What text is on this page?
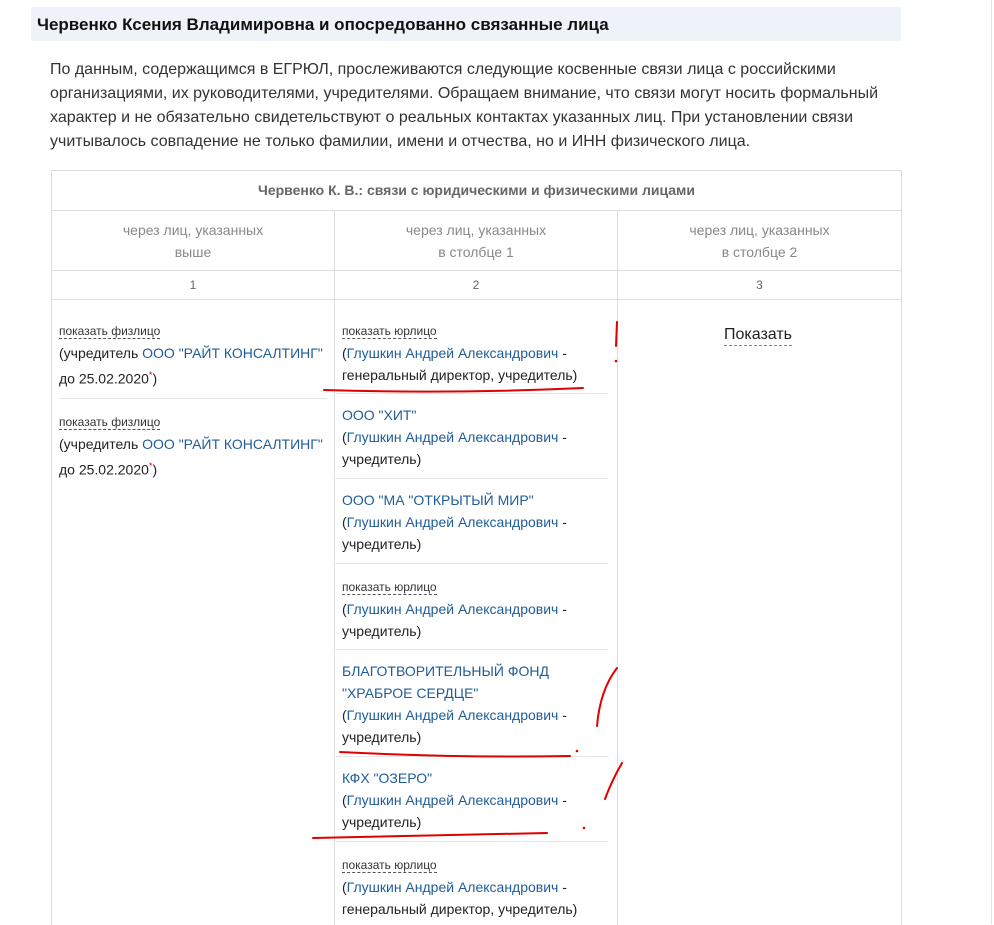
Червенко Ксения Владимировна и опосредованно связанные лица
По данным, содержащимся в ЕГРЮЛ, прослеживаются следующие косвенные связи лица с российскими организациями, их руководителями, учредителями. Обращаем внимание, что связи могут носить формальный характер и не обязательно свидетельствуют о реальных контактах указанных лиц. При установлении связи учитывалось совпадение не только фамилии, имени и отчества, но и ИНН физического лица.
Червенко К. В.: связи с юридическими и физическими лицами
через лиц, указанных
выше
через лиц, указанных
в столбце 1
через лиц, указанных
в столбце 2
1	2	3
показать физлицо
(учредитель ООО "РАЙТ КОНСАЛТИНГ"
до 25.02.2020*)
показать физлицо
(учредитель ООО "РАЙТ КОНСАЛТИНГ"
до 25.02.2020*)
показать юрлицо
(Глушкин Андрей Александрович -
генеральный директор, учредитель)
ООО "ХИТ"
(Глушкин Андрей Александрович -
учредитель)
ООО "МА "ОТКРЫТЫЙ МИР"
(Глушкин Андрей Александрович -
учредитель)
показать юрлицо
(Глушкин Андрей Александрович -
учредитель)
БЛАГОТВОРИТЕЛЬНЫЙ ФОНД
"ХРАБРОЕ СЕРДЦЕ"
(Глушкин Андрей Александрович -
учредитель)
КФХ "ОЗЕРО"
(Глушкин Андрей Александрович -
учредитель)
показать юрлицо
(Глушкин Андрей Александрович -
генеральный директор, учредитель)
Показать
